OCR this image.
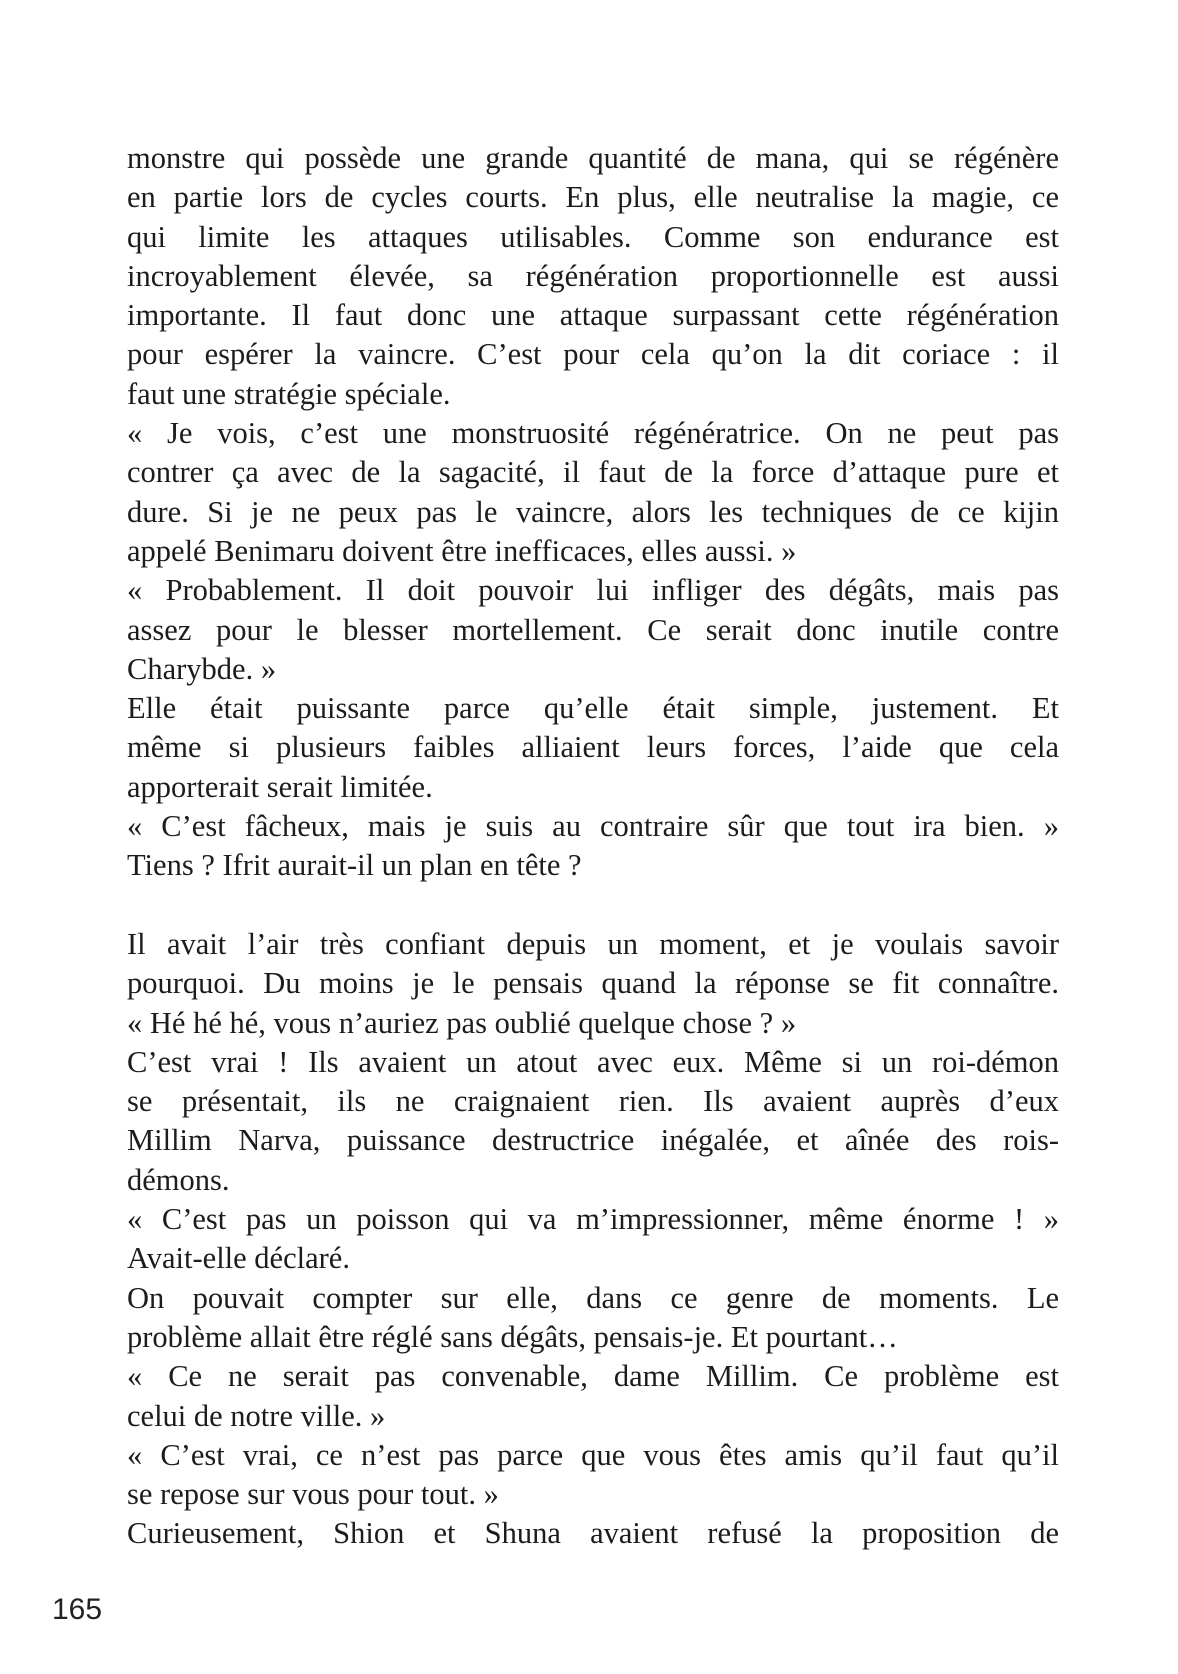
monstre qui possède une grande quantité de mana, qui se régénère
en partie lors de cycles courts. En plus, elle neutralise la magie, ce
qui limite les attaques utilisables. Comme son endurance est
incroyablement élevée, sa régénération proportionnelle est aussi
importante. Il faut donc une attaque surpassant cette régénération
pour espérer la vaincre. C’est pour cela qu’on la dit coriace : il
faut une stratégie spéciale.
« Je vois, c’est une monstruosité régénératrice. On ne peut pas
contrer ça avec de la sagacité, il faut de la force d’attaque pure et
dure. Si je ne peux pas le vaincre, alors les techniques de ce kijin
appelé Benimaru doivent être inefficaces, elles aussi. »
« Probablement. Il doit pouvoir lui infliger des dégâts, mais pas
assez pour le blesser mortellement. Ce serait donc inutile contre
Charybde. »
Elle était puissante parce qu’elle était simple, justement. Et
même si plusieurs faibles alliaient leurs forces, l’aide que cela
apporterait serait limitée.
« C’est fâcheux, mais je suis au contraire sûr que tout ira bien. »
Tiens ? Ifrit aurait-il un plan en tête ?
Il avait l’air très confiant depuis un moment, et je voulais savoir
pourquoi. Du moins je le pensais quand la réponse se fit connaître.
« Hé hé hé, vous n’auriez pas oublié quelque chose ? »
C’est vrai ! Ils avaient un atout avec eux. Même si un roi-démon
se présentait, ils ne craignaient rien. Ils avaient auprès d’eux
Millim Narva, puissance destructrice inégalée, et aînée des rois-
démons.
« C’est pas un poisson qui va m’impressionner, même énorme ! »
Avait-elle déclaré.
On pouvait compter sur elle, dans ce genre de moments. Le
problème allait être réglé sans dégâts, pensais-je. Et pourtant…
« Ce ne serait pas convenable, dame Millim. Ce problème est
celui de notre ville. »
« C’est vrai, ce n’est pas parce que vous êtes amis qu’il faut qu’il
se repose sur vous pour tout. »
Curieusement, Shion et Shuna avaient refusé la proposition de
165
